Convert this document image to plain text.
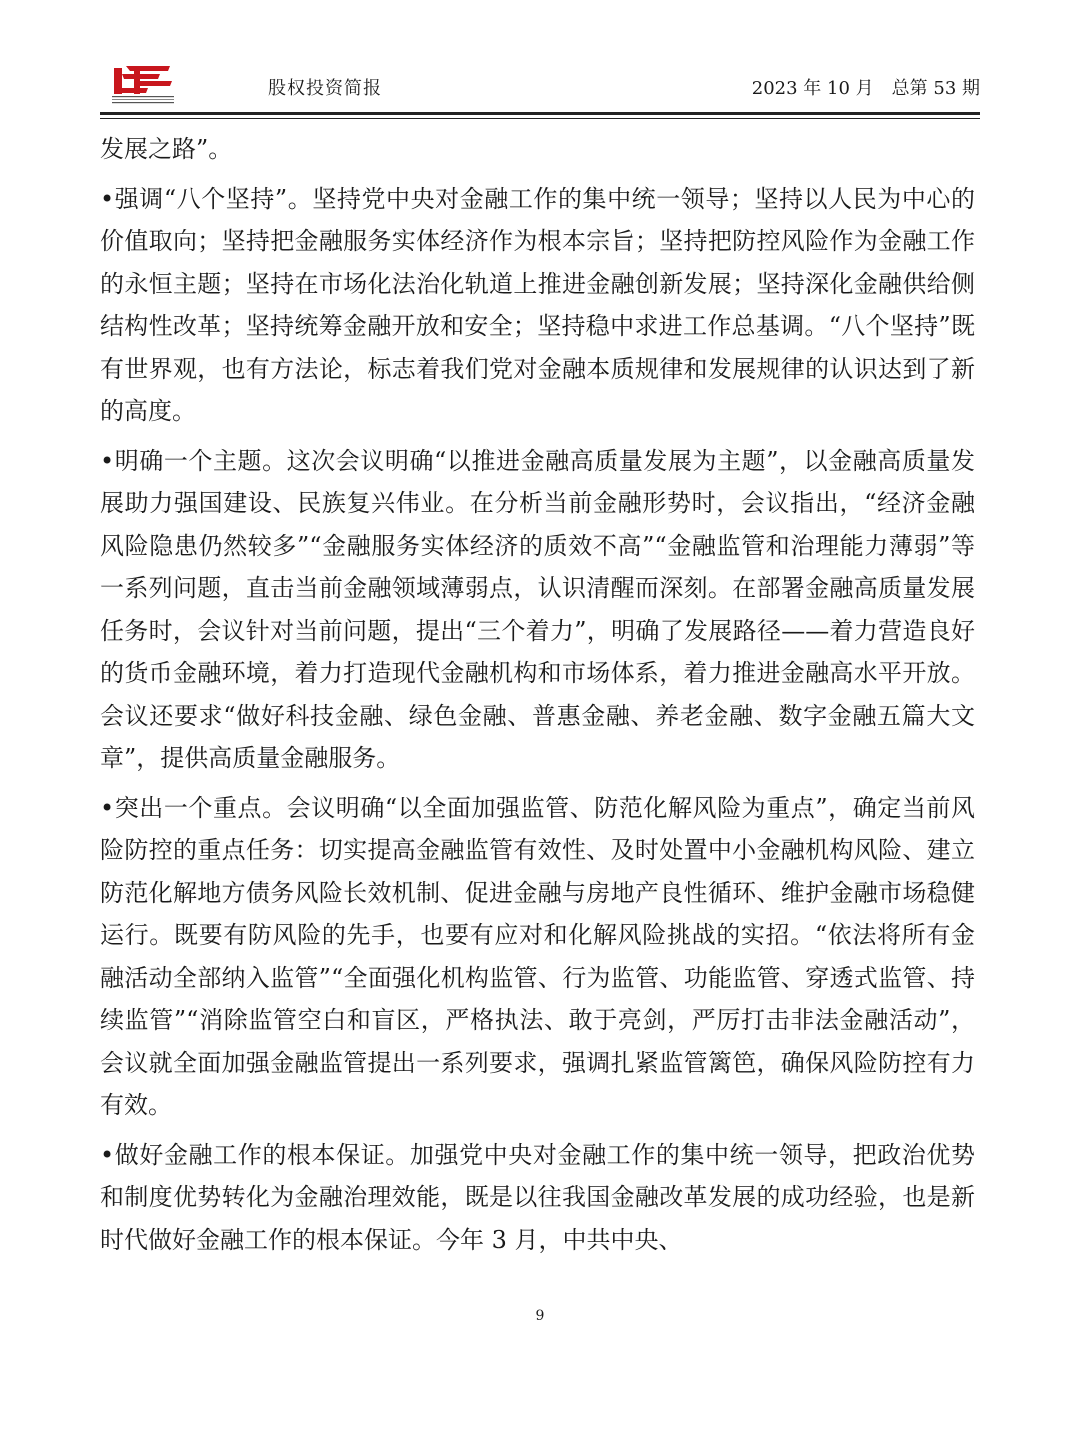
股权投资简报	2023 年 10 月　总第 53 期

发展之路”。

•强调“八个坚持”。坚持党中央对金融工作的集中统一领导；坚持以人民为中心的价值取向；坚持把金融服务实体经济作为根本宗旨；坚持把防控风险作为金融工作的永恒主题；坚持在市场化法治化轨道上推进金融创新发展；坚持深化金融供给侧结构性改革；坚持统筹金融开放和安全；坚持稳中求进工作总基调。“八个坚持”既有世界观，也有方法论，标志着我们党对金融本质规律和发展规律的认识达到了新的高度。

•明确一个主题。这次会议明确“以推进金融高质量发展为主题”，以金融高质量发展助力强国建设、民族复兴伟业。在分析当前金融形势时，会议指出，“经济金融风险隐患仍然较多”“金融服务实体经济的质效不高”“金融监管和治理能力薄弱”等一系列问题，直击当前金融领域薄弱点，认识清醒而深刻。在部署金融高质量发展任务时，会议针对当前问题，提出“三个着力”，明确了发展路径——着力营造良好的货币金融环境，着力打造现代金融机构和市场体系，着力推进金融高水平开放。会议还要求“做好科技金融、绿色金融、普惠金融、养老金融、数字金融五篇大文章”，提供高质量金融服务。

•突出一个重点。会议明确“以全面加强监管、防范化解风险为重点”，确定当前风险防控的重点任务：切实提高金融监管有效性、及时处置中小金融机构风险、建立防范化解地方债务风险长效机制、促进金融与房地产良性循环、维护金融市场稳健运行。既要有防风险的先手，也要有应对和化解风险挑战的实招。“依法将所有金融活动全部纳入监管”“全面强化机构监管、行为监管、功能监管、穿透式监管、持续监管”“消除监管空白和盲区，严格执法、敢于亮剑，严厉打击非法金融活动”，会议就全面加强金融监管提出一系列要求，强调扎紧监管篱笆，确保风险防控有力有效。

•做好金融工作的根本保证。加强党中央对金融工作的集中统一领导，把政治优势和制度优势转化为金融治理效能，既是以往我国金融改革发展的成功经验，也是新时代做好金融工作的根本保证。今年 3 月，中共中央、

9
